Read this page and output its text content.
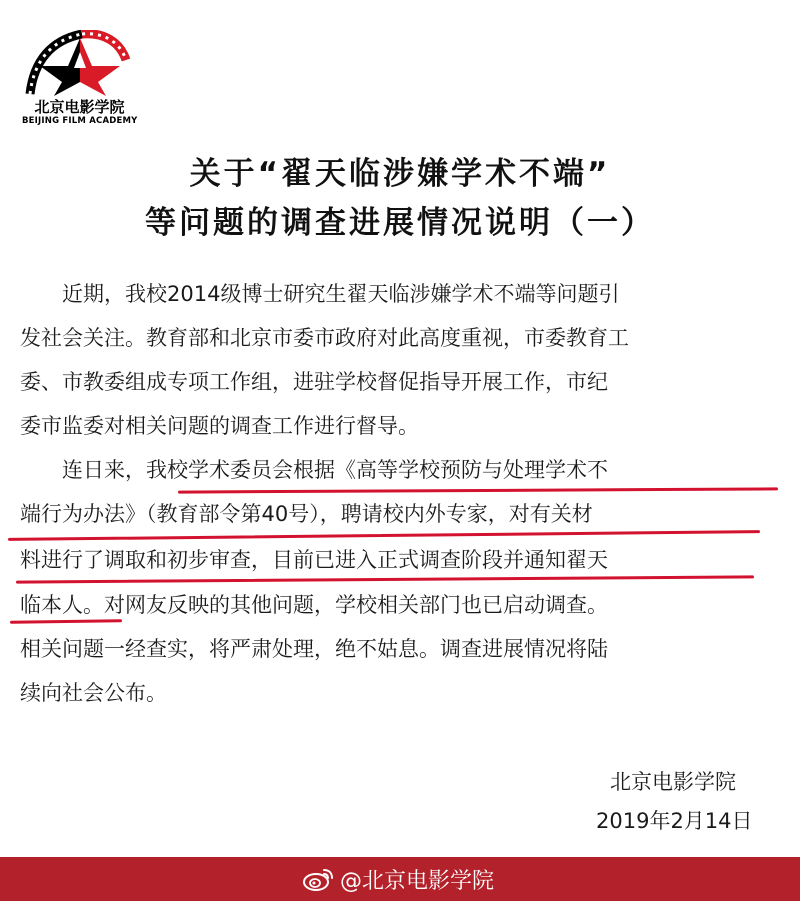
北京电影学院
BEIJING FILM ACADEMY
关于“翟天临涉嫌学术不端”
等问题的调查进展情况说明（一）
　　近期，我校2014级博士研究生翟天临涉嫌学术不端等问题引
发社会关注。教育部和北京市委市政府对此高度重视，市委教育工
委、市教委组成专项工作组，进驻学校督促指导开展工作，市纪
委市监委对相关问题的调查工作进行督导。
　　连日来，我校学术委员会根据《高等学校预防与处理学术不
端行为办法》（教育部令第40号），聘请校内外专家，对有关材
料进行了调取和初步审查，目前已进入正式调查阶段并通知翟天
临本人。对网友反映的其他问题，学校相关部门也已启动调查。
相关问题一经查实，将严肃处理，绝不姑息。调查进展情况将陆
续向社会公布。
北京电影学院
2019年2月14日
@北京电影学院
